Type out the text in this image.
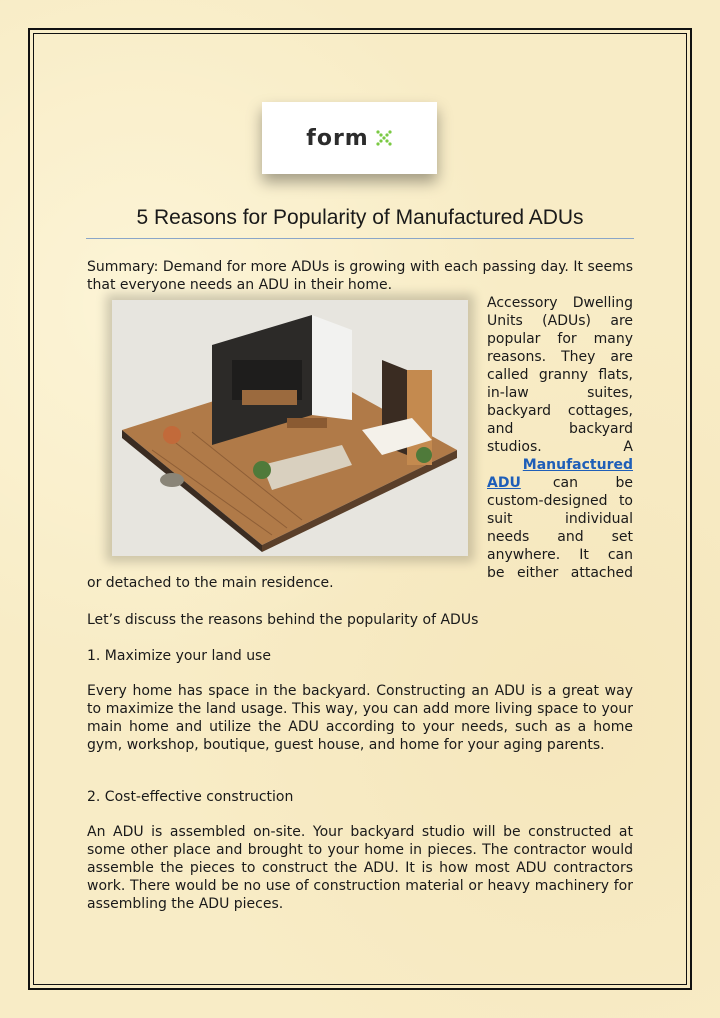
form
5 Reasons for Popularity of Manufactured ADUs
Summary: Demand for more ADUs is growing with each passing day. It seems that everyone needs an ADU in their home.
Accessory Dwelling
Units (ADUs) are
popular for many
reasons. They are
called granny flats,
in-law suites,
backyard cottages,
and backyard
studios. A
Manufactured
ADU	can be
custom-designed to
suit individual
needs and set
anywhere. It can
be either attached
or detached to the main residence.
Let’s discuss the reasons behind the popularity of ADUs
1. Maximize your land use
Every home has space in the backyard. Constructing an ADU is a great way to maximize the land usage. This way, you can add more living space to your main home and utilize the ADU according to your needs, such as a home gym, workshop, boutique, guest house, and home for your aging parents.
2. Cost-effective construction
An ADU is assembled on-site. Your backyard studio will be constructed at some other place and brought to your home in pieces. The contractor would assemble the pieces to construct the ADU. It is how most ADU contractors work. There would be no use of construction material or heavy machinery for assembling the ADU pieces.
